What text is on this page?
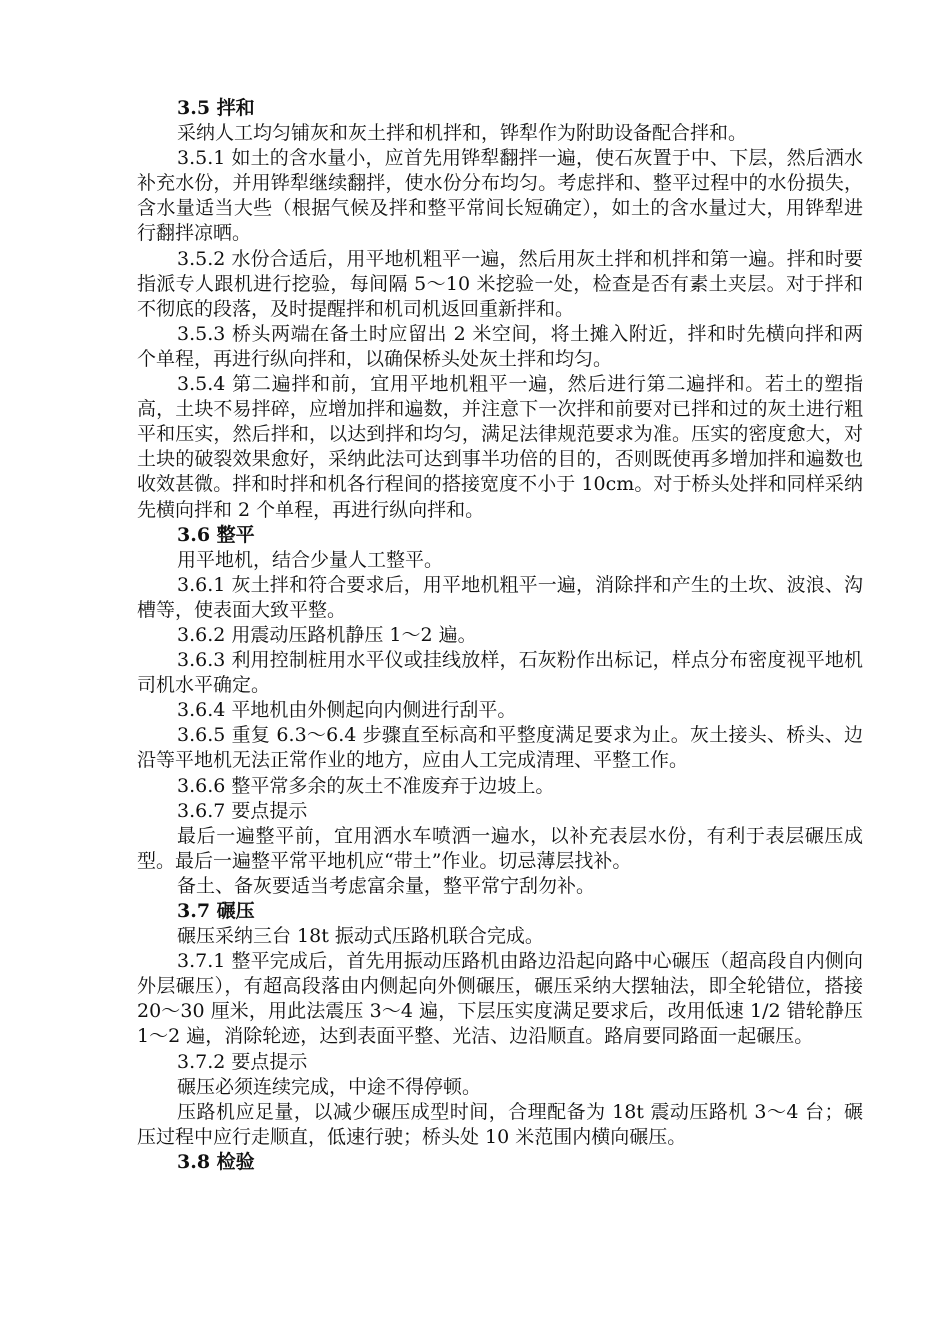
3.5 拌和

采纳人工均匀铺灰和灰土拌和机拌和，铧犁作为附助设备配合拌和。

3.5.1 如土的含水量小，应首先用铧犁翻拌一遍，使石灰置于中、下层，然后洒水补充水份，并用铧犁继续翻拌，使水份分布均匀。考虑拌和、整平过程中的水份损失，含水量适当大些（根据气候及拌和整平常间长短确定），如土的含水量过大，用铧犁进行翻拌凉晒。

3.5.2 水份合适后，用平地机粗平一遍，然后用灰土拌和机拌和第一遍。拌和时要指派专人跟机进行挖验，每间隔 5～10 米挖验一处，检查是否有素土夹层。对于拌和不彻底的段落，及时提醒拌和机司机返回重新拌和。

3.5.3 桥头两端在备土时应留出 2 米空间，将土摊入附近，拌和时先横向拌和两个单程，再进行纵向拌和，以确保桥头处灰土拌和均匀。

3.5.4 第二遍拌和前，宜用平地机粗平一遍，然后进行第二遍拌和。若土的塑指高，土块不易拌碎，应增加拌和遍数，并注意下一次拌和前要对已拌和过的灰土进行粗平和压实，然后拌和，以达到拌和均匀，满足法律规范要求为准。压实的密度愈大，对土块的破裂效果愈好，采纳此法可达到事半功倍的目的，否则既使再多增加拌和遍数也收效甚微。拌和时拌和机各行程间的搭接宽度不小于 10cm。对于桥头处拌和同样采纳先横向拌和 2 个单程，再进行纵向拌和。

3.6 整平

用平地机，结合少量人工整平。

3.6.1 灰土拌和符合要求后，用平地机粗平一遍，消除拌和产生的土坎、波浪、沟槽等，使表面大致平整。

3.6.2 用震动压路机静压 1～2 遍。

3.6.3 利用控制桩用水平仪或挂线放样，石灰粉作出标记，样点分布密度视平地机司机水平确定。

3.6.4 平地机由外侧起向内侧进行刮平。

3.6.5 重复 6.3～6.4 步骤直至标高和平整度满足要求为止。灰土接头、桥头、边沿等平地机无法正常作业的地方，应由人工完成清理、平整工作。

3.6.6 整平常多余的灰土不准废弃于边坡上。

3.6.7 要点提示

最后一遍整平前，宜用洒水车喷洒一遍水，以补充表层水份，有利于表层碾压成型。最后一遍整平常平地机应“带土”作业。切忌薄层找补。

备土、备灰要适当考虑富余量，整平常宁刮勿补。

3.7 碾压

碾压采纳三台 18t 振动式压路机联合完成。

3.7.1 整平完成后，首先用振动压路机由路边沿起向路中心碾压（超高段自内侧向外层碾压），有超高段落由内侧起向外侧碾压，碾压采纳大摆轴法，即全轮错位，搭接 20～30 厘米，用此法震压 3～4 遍，下层压实度满足要求后，改用低速 1/2 错轮静压 1～2 遍，消除轮迹，达到表面平整、光洁、边沿顺直。路肩要同路面一起碾压。

3.7.2 要点提示

碾压必须连续完成，中途不得停顿。

压路机应足量，以减少碾压成型时间，合理配备为 18t 震动压路机 3～4 台；碾压过程中应行走顺直，低速行驶；桥头处 10 米范围内横向碾压。

3.8 检验
